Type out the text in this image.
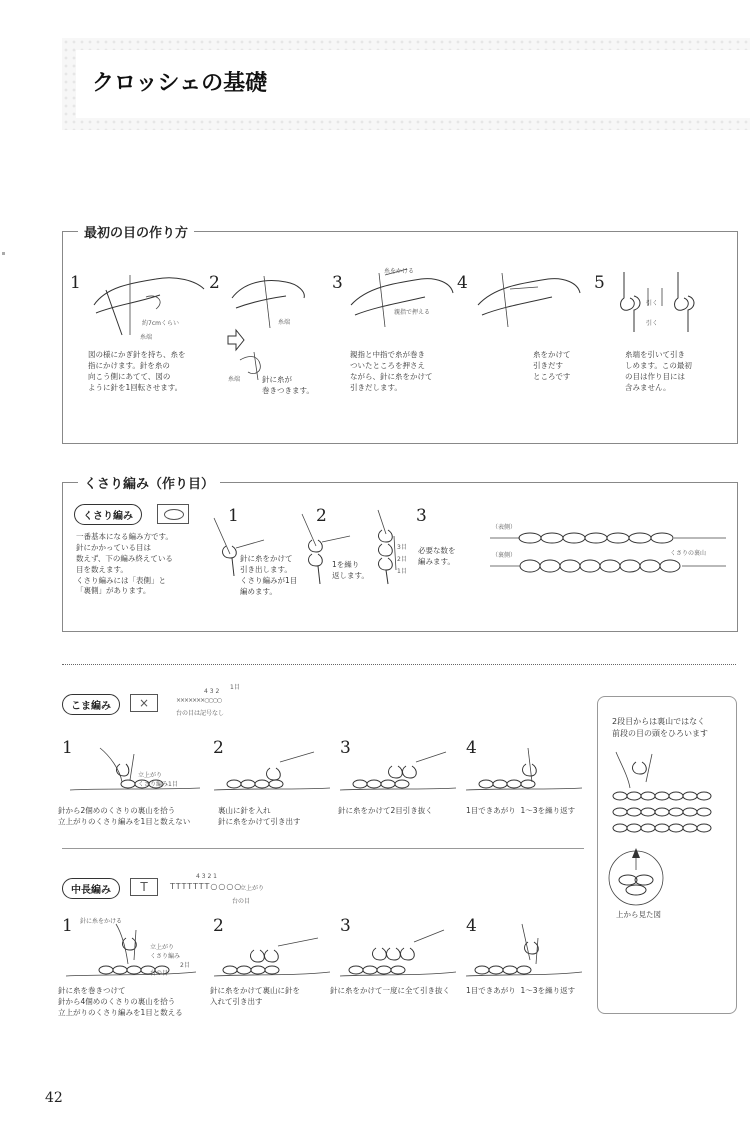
クロッシェの基礎
最初の目の作り方
1	2	3	4	5
約7cmくらい
糸端
糸端
糸端
糸をかける
親指で押える
引く
引く
図の様にかぎ針を持ち、糸を
指にかけます。針を糸の
向こう側にあてて、図の
ように針を1回転させます。
針に糸が
巻きつきます。
親指と中指で糸が巻き
ついたところを押さえ
ながら、針に糸をかけて
引きだします。
糸をかけて
引きだす
ところです
糸端を引いて引き
しめます。この最初
の目は作り目には
含みません。
くさり編み（作り目）
くさり編み
一番基本になる編み方です。
針にかかっている目は
数えず、下の編み終えている
目を数えます。
くさり編みには「表側」と
「裏側」があります。
1	2	3
3目
2目
1目
針に糸をかけて
引き出します。
くさり編みが1目
編めます。
1を繰り
返します。
必要な数を
編みます。
（表側）
（裏側）	くさりの裏山
こま編み	×
4 3 2
1目
×××××××○○○○
台の目は記号なし
1	2	3	4
立上がり
くさり編み1目
針から2個めのくさりの裏山を拾う
立上がりのくさり編みを1目と数えない
裏山に針を入れ
針に糸をかけて引き出す
針に糸をかけて2目引き抜く	1目できあがり  1〜3を繰り返す
中長編み	T
4 3 2 1
TTTTTTT○○○○
立上がり
台の目
1	2	3	4
針に糸をかける
立上がり
くさり編み
2目
台の目
針に糸を巻きつけて
針から4個めのくさりの裏山を拾う
立上がりのくさり編みを1目と数える
針に糸をかけて裏山に針を
入れて引き出す
針に糸をかけて一度に全て引き抜く 1目できあがり  1〜3を繰り返す
2段目からは裏山ではなく
前段の目の頭をひろいます
上から見た図
42
